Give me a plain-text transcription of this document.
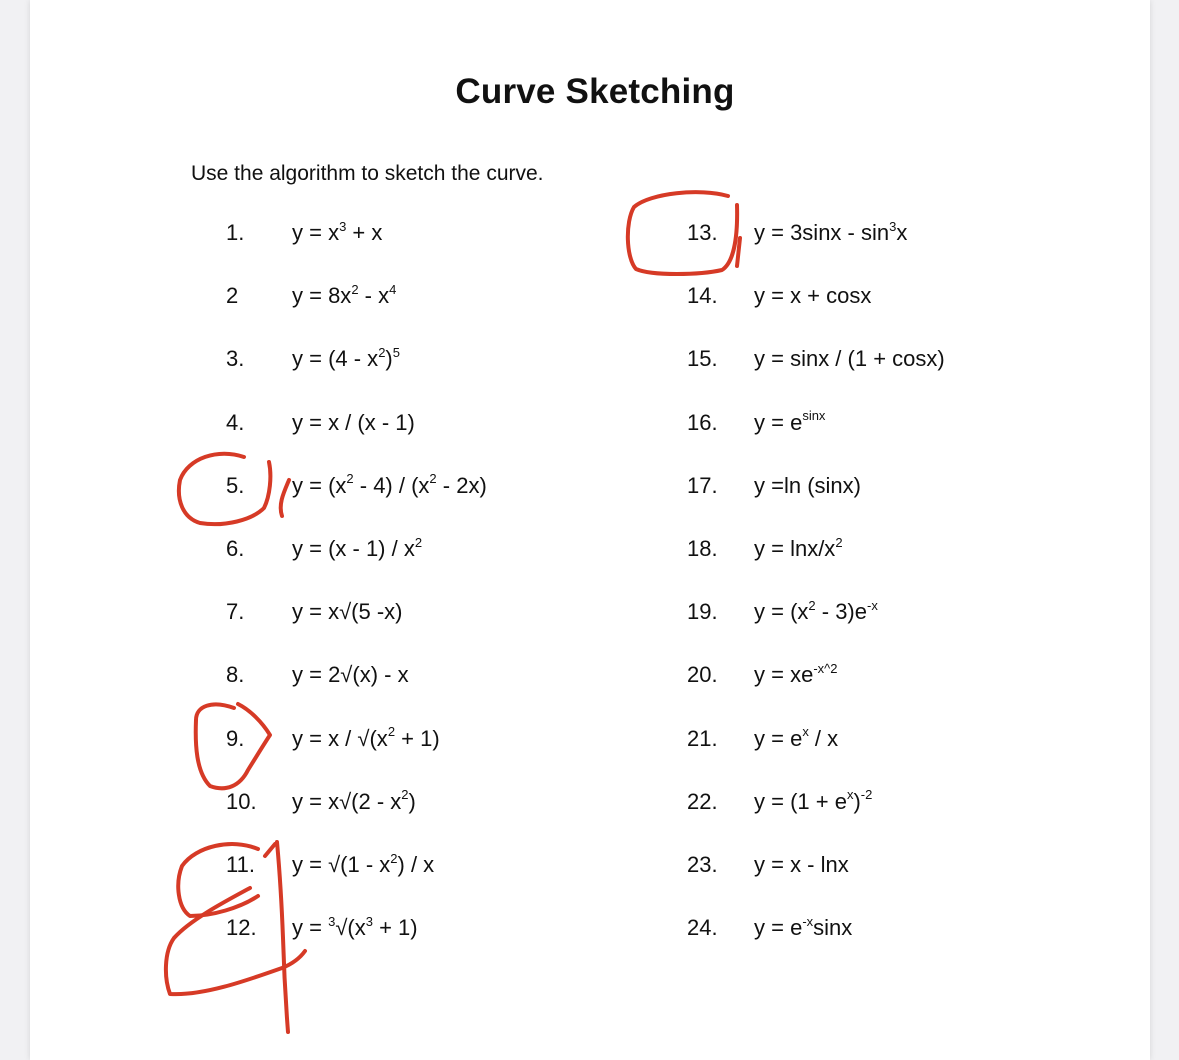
Curve Sketching
Use the algorithm to sketch the curve.
1. $y = x^3 + x$
2 $y = 8x^2 - x^4$
3. $y = (4 - x^2)^5$
4. y = x / (x - 1)
5. $y = (x^2 - 4) / (x^2 - 2x)$
6. $y = (x - 1) / x^2$
7. y = x√(5 -x)
8. y = 2√(x) - x
9. $y = x / √(x^2 + 1)$
10. $y = x√(2 - x^2)$
11. $y = √(1 - x^2) / x$
12. $y = ^3√(x^3 + 1)$
13. $y = 3\sin x - \sin^3x$
14. y = x + cosx
15. y = sinx / (1 + cosx)
16. $y = e^{sinx}$
17. y =ln (sinx)
18. y = lnx/$x^2$
19. $y = (x^2 - 3)e^{-x}$
20. $y = xe^{-x\^{}2}$
21. $y = e^x / x$
22. $y = (1 + e^x)^{-2}$
23. y = x - lnx
24. $y = e^{-x}\sin x$
